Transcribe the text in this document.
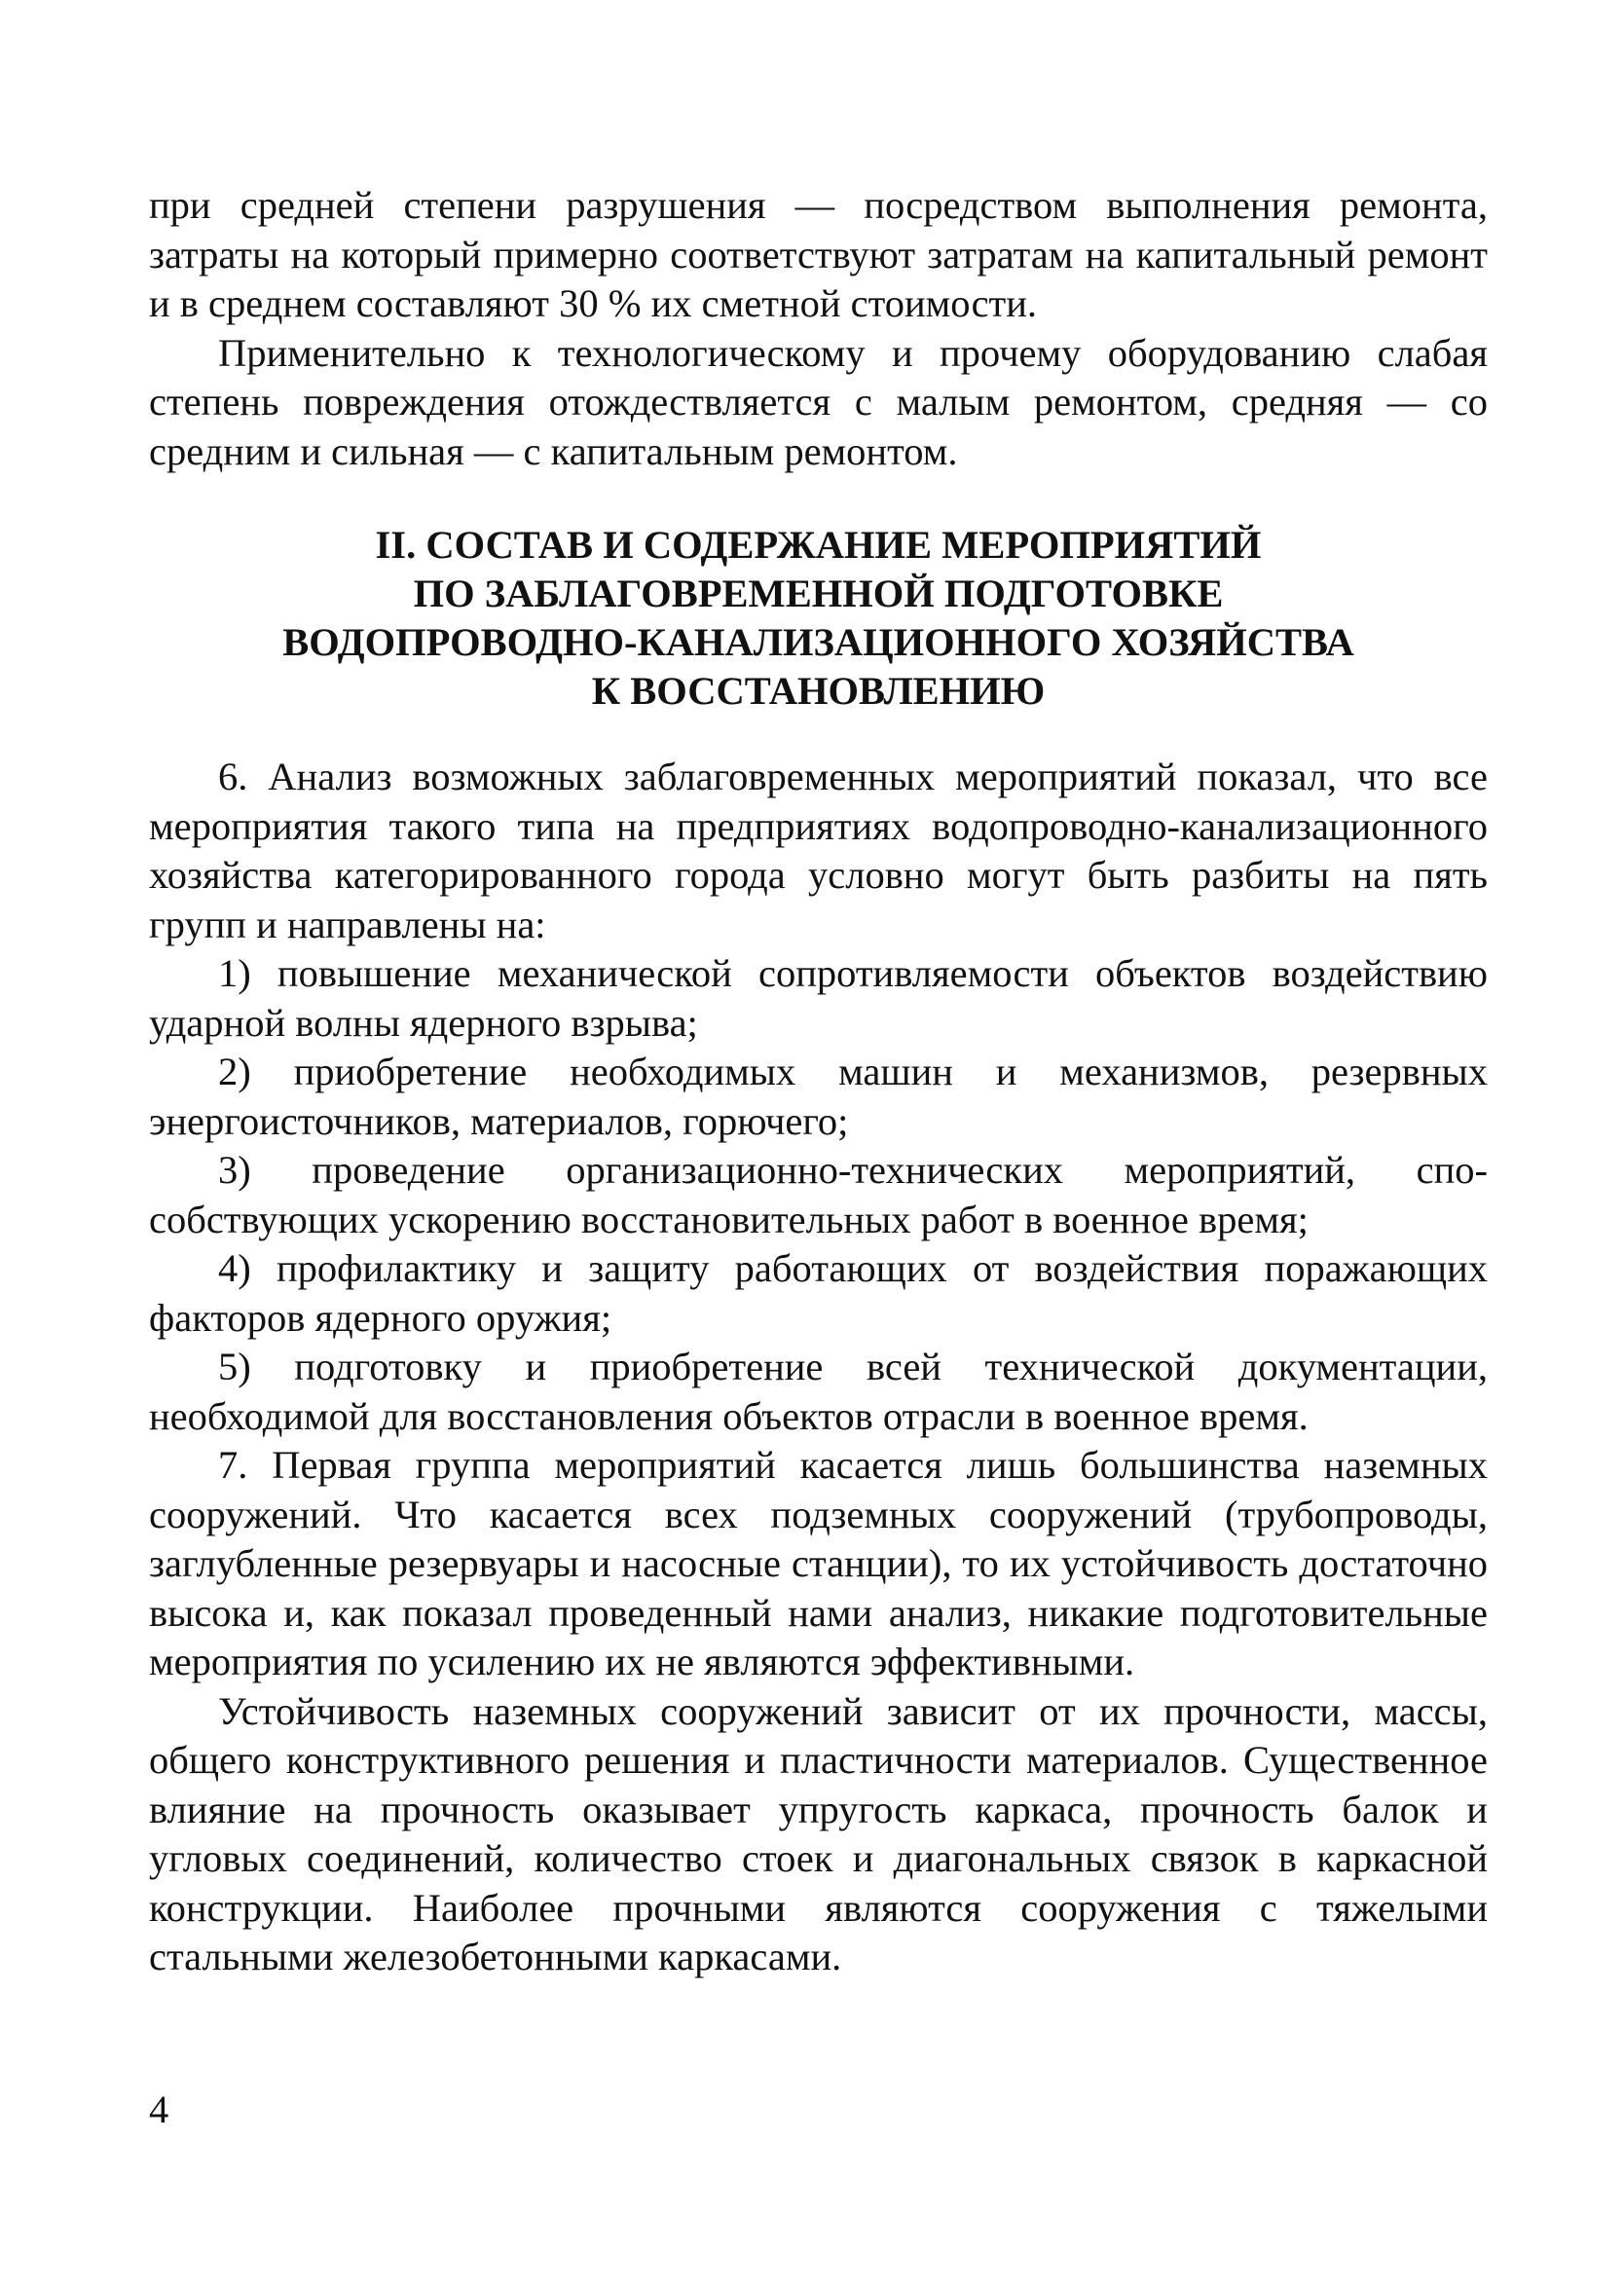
при средней степени разрушения — посредством выполнения ремонта, затраты на который примерно соответствуют затратам на капитальный ремонт и в среднем составляют 30 % их сметной стоимости.

Применительно к технологическому и прочему оборудованию слабая степень повреждения отождествляется с малым ремонтом, средняя — со средним и сильная — с капитальным ремонтом.

II. СОСТАВ И СОДЕРЖАНИЕ МЕРОПРИЯТИЙ
ПО ЗАБЛАГОВРЕМЕННОЙ ПОДГОТОВКЕ
ВОДОПРОВОДНО-КАНАЛИЗАЦИОННОГО ХОЗЯЙСТВА
К ВОССТАНОВЛЕНИЮ

6. Анализ возможных заблаговременных мероприятий показал, что все мероприятия такого типа на предприятиях водопроводно-канализационного хозяйства категорированного города условно могут быть разбиты на пять групп и направлены на:

1) повышение механической сопротивляемости объектов воздействию ударной волны ядерного взрыва;

2) приобретение необходимых машин и механизмов, резервных энергоисточников, материалов, горючего;

3) проведение организационно-технических мероприятий, способствующих ускорению восстановительных работ в военное время;

4) профилактику и защиту работающих от воздействия поражающих факторов ядерного оружия;

5) подготовку и приобретение всей технической документации, необходимой для восстановления объектов отрасли в военное время.

7. Первая группа мероприятий касается лишь большинства наземных сооружений. Что касается всех подземных сооружений (трубопроводы, заглубленные резервуары и насосные станции), то их устойчивость достаточно высока и, как показал проведенный нами анализ, никакие подготовительные мероприятия по усилению их не являются эффективными.

Устойчивость наземных сооружений зависит от их прочности, массы, общего конструктивного решения и пластичности материалов. Существенное влияние на прочность оказывает упругость каркаса, прочность балок и угловых соединений, количество стоек и диагональных связок в каркасной конструкции. Наиболее прочными являются сооружения с тяжелыми стальными железобетонными каркасами.

4
